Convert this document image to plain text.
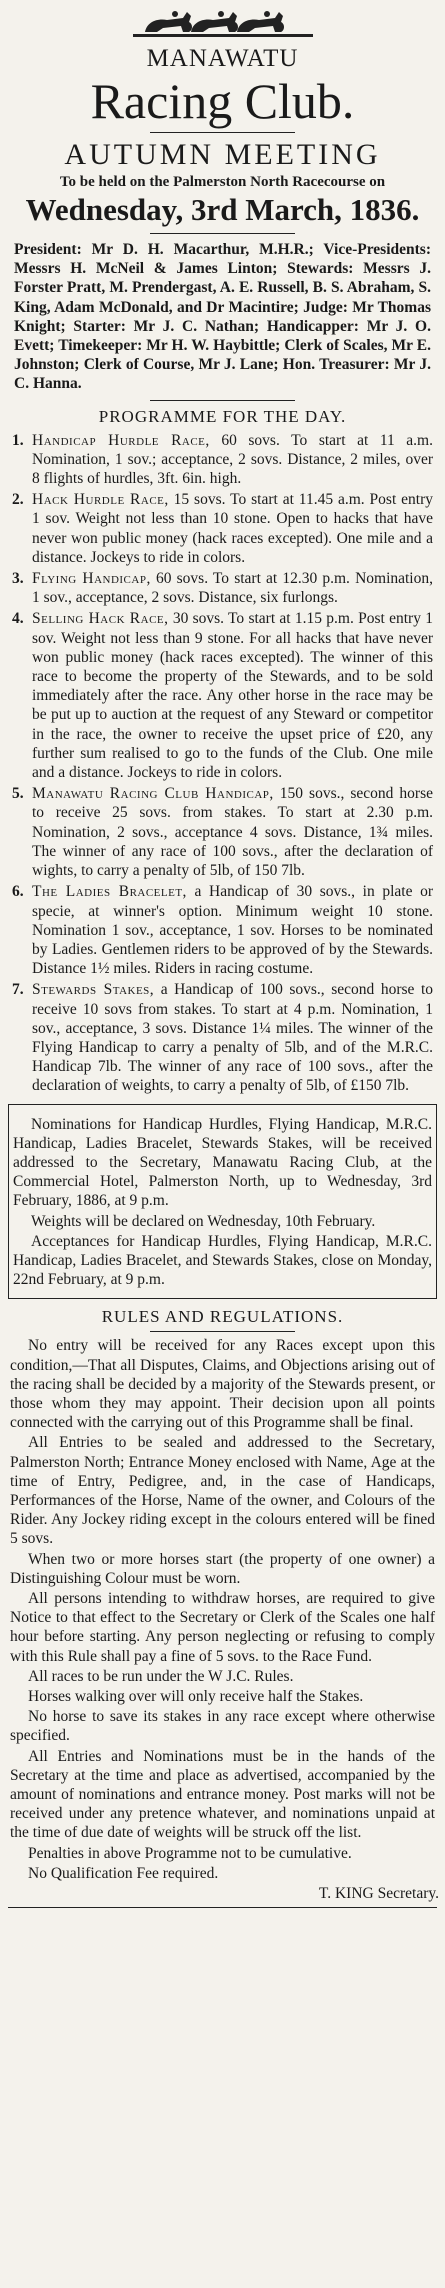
MANAWATU
Racing Club.
AUTUMN MEETING
To be held on the Palmerston North Racecourse on
Wednesday, 3rd March, 1836.

President: Mr D. H. Macarthur, M.H.R.; Vice-Presidents: Messrs H. McNeil & James Linton; Stewards: Messrs J. Forster Pratt, M. Prendergast, A. E. Russell, B. S. Abraham, S. King, Adam McDonald, and Dr Macintire; Judge: Mr Thomas Knight; Starter: Mr J. C. Nathan; Handicapper: Mr J. O. Evett; Timekeeper: Mr H. W. Haybittle; Clerk of Scales, Mr E. Johnston; Clerk of Course, Mr J. Lane; Hon. Treasurer: Mr J. C. Hanna.

PROGRAMME FOR THE DAY.
1. Handicap Hurdle Race, 60 sovs. To start at 11 a.m. Nomination, 1 sov.; acceptance, 2 sovs. Distance, 2 miles, over 8 flights of hurdles, 3ft. 6in. high.
2. Hack Hurdle Race, 15 sovs. To start at 11.45 a.m. Post entry 1 sov. Weight not less than 10 stone. Open to hacks that have never won public money (hack races excepted). One mile and a distance. Jockeys to ride in colors.
3. Flying Handicap, 60 sovs. To start at 12.30 p.m. Nomination, 1 sov., acceptance, 2 sovs. Distance, six furlongs.
4. Selling Hack Race, 30 sovs. To start at 1.15 p.m. Post entry 1 sov. Weight not less than 9 stone. For all hacks that have never won public money (hack races excepted). The winner of this race to become the property of the Stewards, and to be sold immediately after the race. Any other horse in the race may be be put up to auction at the request of any Steward or competitor in the race, the owner to receive the upset price of £20, any further sum realised to go to the funds of the Club. One mile and a distance. Jockeys to ride in colors.
5. Manawatu Racing Club Handicap, 150 sovs., second horse to receive 25 sovs. from stakes. To start at 2.30 p.m. Nomination, 2 sovs., acceptance 4 sovs. Distance, 1¾ miles. The winner of any race of 100 sovs., after the declaration of wights, to carry a penalty of 5lb, of 150 7lb.
6. The Ladies Bracelet, a Handicap of 30 sovs., in plate or specie, at winner's option. Minimum weight 10 stone. Nomination 1 sov., acceptance, 1 sov. Horses to be nominated by Ladies. Gentlemen riders to be approved of by the Stewards. Distance 1½ miles. Riders in racing costume.
7. Stewards Stakes, a Handicap of 100 sovs., second horse to receive 10 sovs from stakes. To start at 4 p.m. Nomination, 1 sov., acceptance, 3 sovs. Distance 1¼ miles. The winner of the Flying Handicap to carry a penalty of 5lb, and of the M.R.C. Handicap 7lb. The winner of any race of 100 sovs., after the declaration of weights, to carry a penalty of 5lb, of £150 7lb.

Nominations for Handicap Hurdles, Flying Handicap, M.R.C. Handicap, Ladies Bracelet, Stewards Stakes, will be received addressed to the Secretary, Manawatu Racing Club, at the Commercial Hotel, Palmerston North, up to Wednesday, 3rd February, 1886, at 9 p.m.

Weights will be declared on Wednesday, 10th February.

Acceptances for Handicap Hurdles, Flying Handicap, M.R.C. Handicap, Ladies Bracelet, and Stewards Stakes, close on Monday, 22nd February, at 9 p.m.

RULES AND REGULATIONS.

No entry will be received for any Races except upon this condition,—That all Disputes, Claims, and Objections arising out of the racing shall be decided by a majority of the Stewards present, or those whom they may appoint. Their decision upon all points connected with the carrying out of this Programme shall be final.

All Entries to be sealed and addressed to the Secretary, Palmerston North; Entrance Money enclosed with Name, Age at the time of Entry, Pedigree, and, in the case of Handicaps, Performances of the Horse, Name of the owner, and Colours of the Rider. Any Jockey riding except in the colours entered will be fined 5 sovs.

When two or more horses start (the property of one owner) a Distinguishing Colour must be worn.

All persons intending to withdraw horses, are required to give Notice to that effect to the Secretary or Clerk of the Scales one half hour before starting. Any person neglecting or refusing to comply with this Rule shall pay a fine of 5 sovs. to the Race Fund.

All races to be run under the W J.C. Rules.

Horses walking over will only receive half the Stakes.

No horse to save its stakes in any race except where otherwise specified.

All Entries and Nominations must be in the hands of the Secretary at the time and place as advertised, accompanied by the amount of nominations and entrance money. Post marks will not be received under any pretence whatever, and nominations unpaid at the time of due date of weights will be struck off the list.

Penalties in above Programme not to be cumulative.

No Qualification Fee required.

T. KING Secretary.
